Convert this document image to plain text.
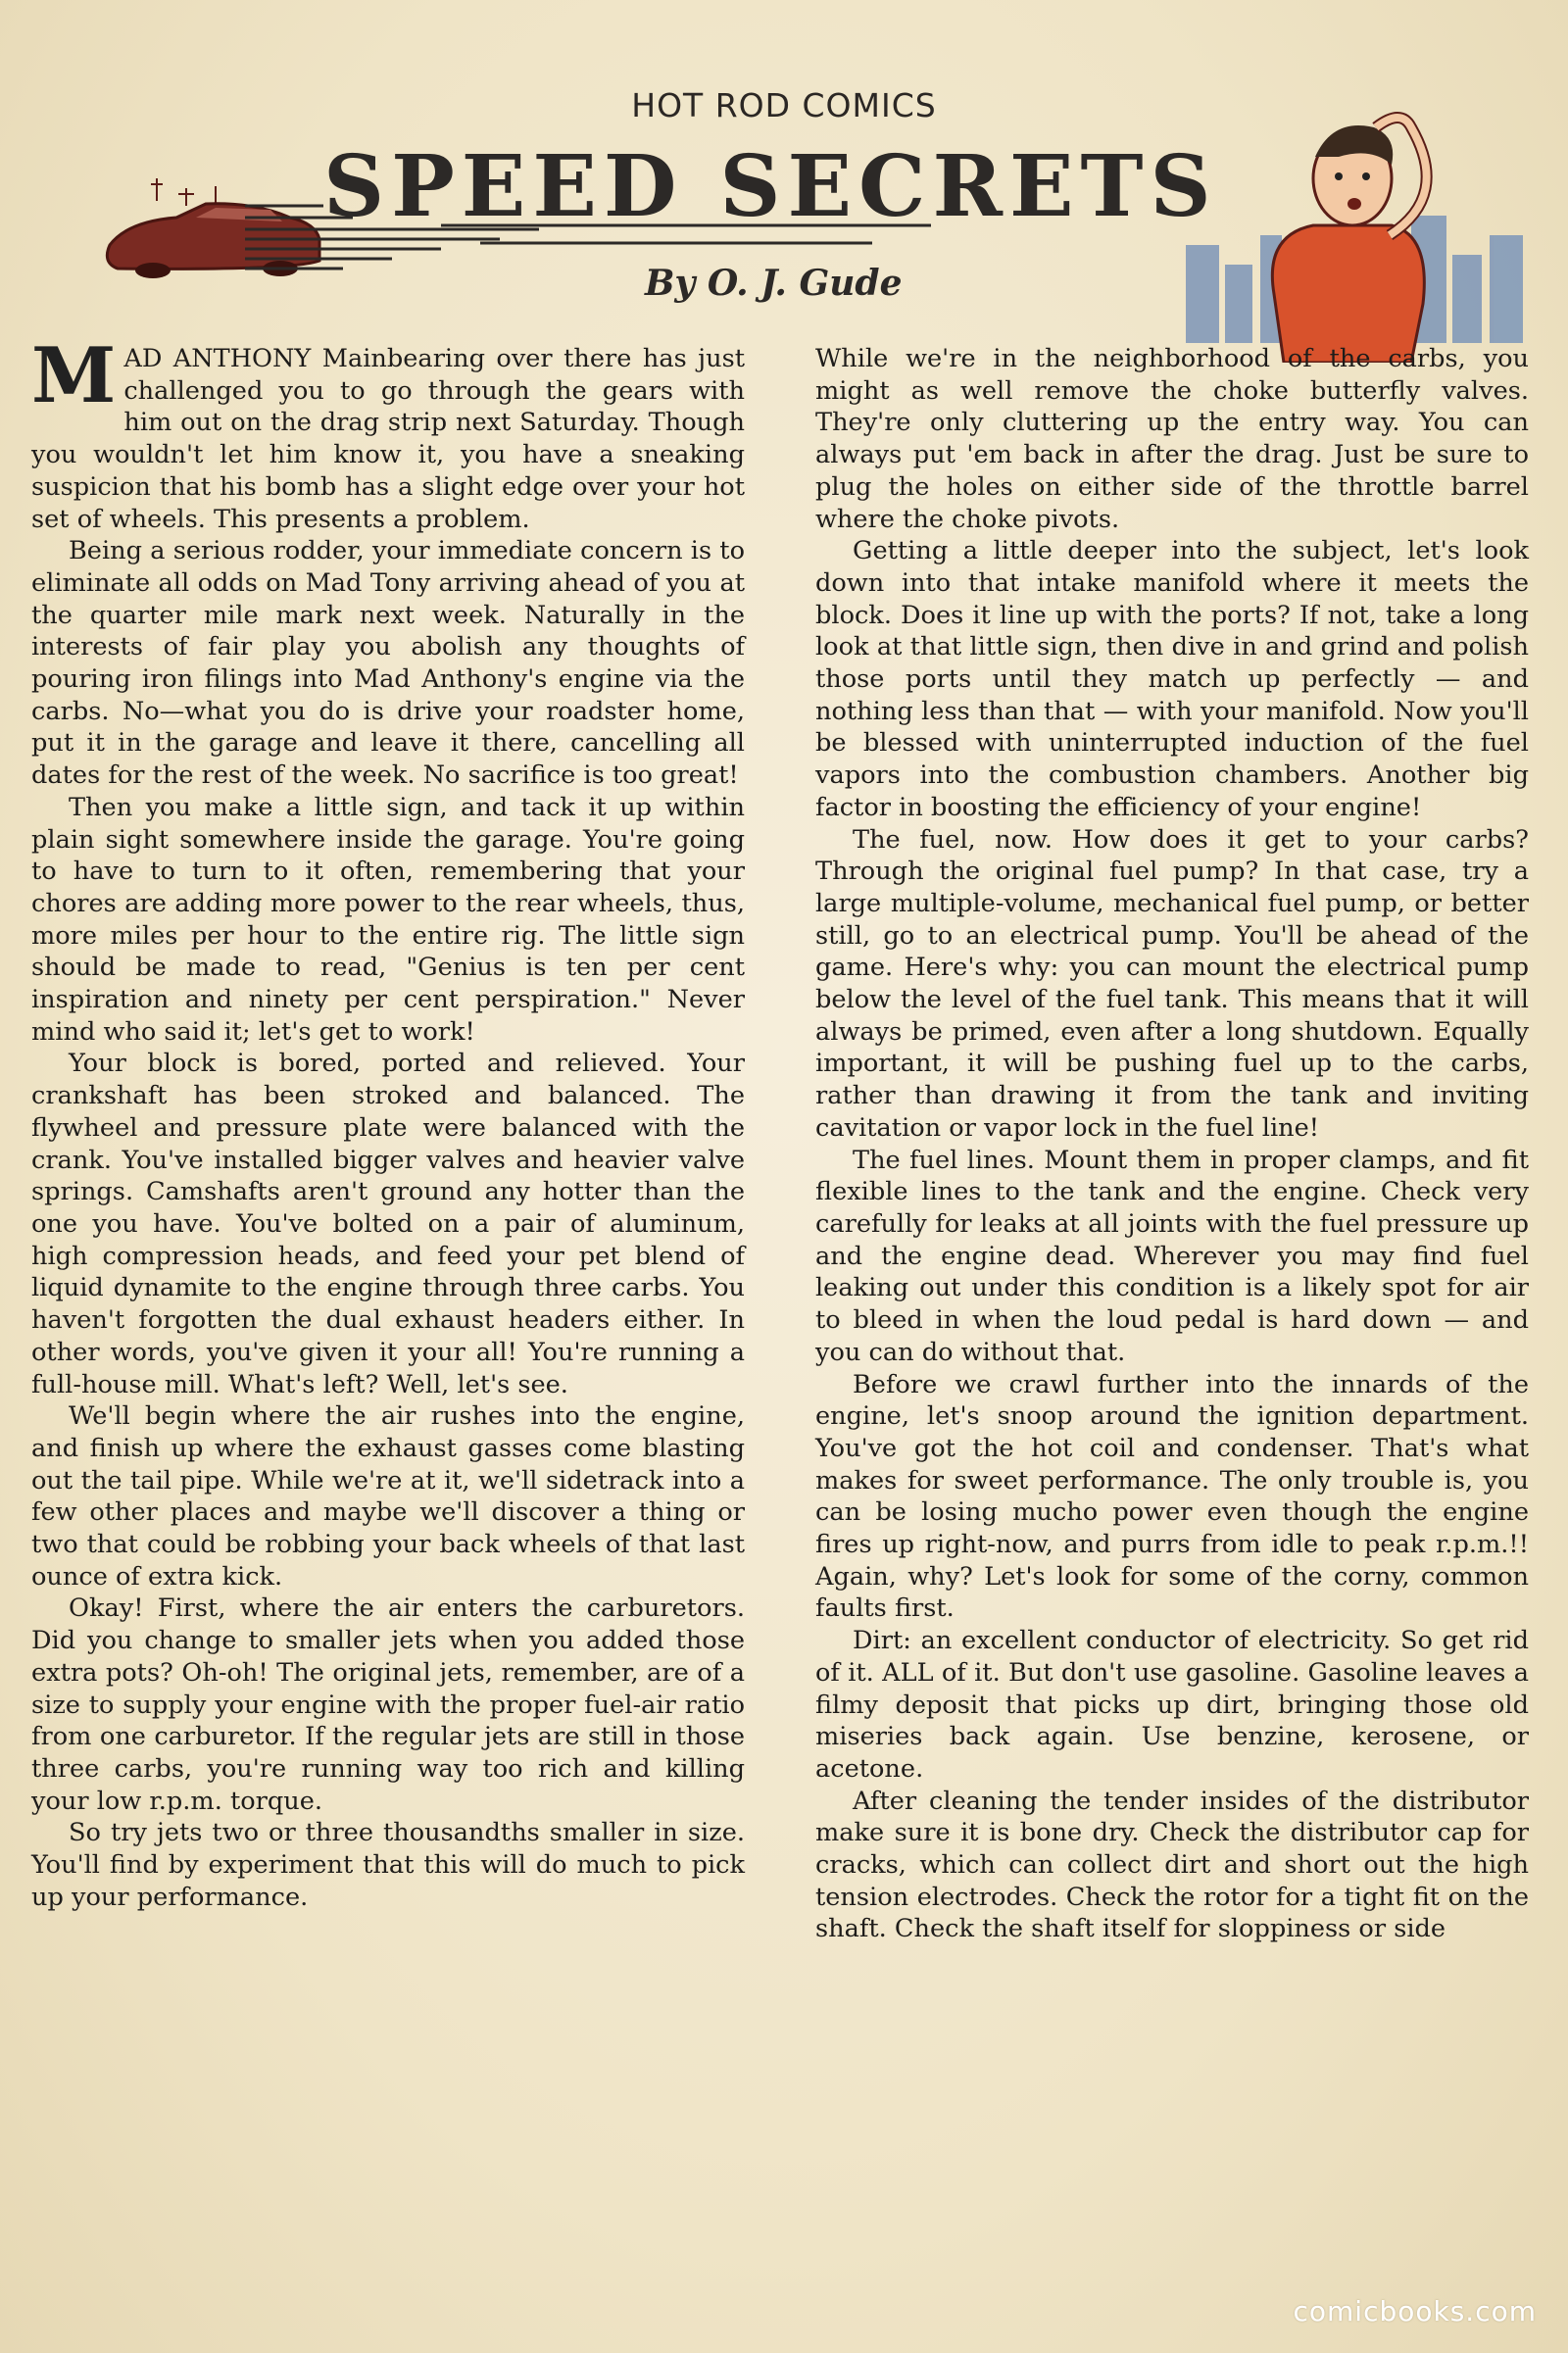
HOT ROD COMICS
SPEED SECRETS
By O. J. Gude

MAD ANTHONY Mainbearing over there has just challenged you to go through the gears with him out on the drag strip next Saturday. Though you wouldn't let him know it, you have a sneaking suspicion that his bomb has a slight edge over your hot set of wheels. This presents a problem.

Being a serious rodder, your immediate concern is to eliminate all odds on Mad Tony arriving ahead of you at the quarter mile mark next week. Naturally in the interests of fair play you abolish any thoughts of pouring iron filings into Mad Anthony's engine via the carbs. No—what you do is drive your roadster home, put it in the garage and leave it there, cancelling all dates for the rest of the week. No sacrifice is too great!

Then you make a little sign, and tack it up within plain sight somewhere inside the garage. You're going to have to turn to it often, remembering that your chores are adding more power to the rear wheels, thus, more miles per hour to the entire rig. The little sign should be made to read, "Genius is ten per cent inspiration and ninety per cent perspiration." Never mind who said it; let's get to work!

Your block is bored, ported and relieved. Your crankshaft has been stroked and balanced. The flywheel and pressure plate were balanced with the crank. You've installed bigger valves and heavier valve springs. Camshafts aren't ground any hotter than the one you have. You've bolted on a pair of aluminum, high compression heads, and feed your pet blend of liquid dynamite to the engine through three carbs. You haven't forgotten the dual exhaust headers either. In other words, you've given it your all! You're running a full-house mill. What's left? Well, let's see.

We'll begin where the air rushes into the engine, and finish up where the exhaust gasses come blasting out the tail pipe. While we're at it, we'll sidetrack into a few other places and maybe we'll discover a thing or two that could be robbing your back wheels of that last ounce of extra kick.

Okay! First, where the air enters the carburetors. Did you change to smaller jets when you added those extra pots? Oh-oh! The original jets, remember, are of a size to supply your engine with the proper fuel-air ratio from one carburetor. If the regular jets are still in those three carbs, you're running way too rich and killing your low r.p.m. torque.

So try jets two or three thousandths smaller in size. You'll find by experiment that this will do much to pick up your performance.

While we're in the neighborhood of the carbs, you might as well remove the choke butterfly valves. They're only cluttering up the entry way. You can always put 'em back in after the drag. Just be sure to plug the holes on either side of the throttle barrel where the choke pivots.

Getting a little deeper into the subject, let's look down into that intake manifold where it meets the block. Does it line up with the ports? If not, take a long look at that little sign, then dive in and grind and polish those ports until they match up perfectly — and nothing less than that — with your manifold. Now you'll be blessed with uninterrupted induction of the fuel vapors into the combustion chambers. Another big factor in boosting the efficiency of your engine!

The fuel, now. How does it get to your carbs? Through the original fuel pump? In that case, try a large multiple-volume, mechanical fuel pump, or better still, go to an electrical pump. You'll be ahead of the game. Here's why: you can mount the electrical pump below the level of the fuel tank. This means that it will always be primed, even after a long shutdown. Equally important, it will be pushing fuel up to the carbs, rather than drawing it from the tank and inviting cavitation or vapor lock in the fuel line!

The fuel lines. Mount them in proper clamps, and fit flexible lines to the tank and the engine. Check very carefully for leaks at all joints with the fuel pressure up and the engine dead. Wherever you may find fuel leaking out under this condition is a likely spot for air to bleed in when the loud pedal is hard down — and you can do without that.

Before we crawl further into the innards of the engine, let's snoop around the ignition department. You've got the hot coil and condenser. That's what makes for sweet performance. The only trouble is, you can be losing mucho power even though the engine fires up right-now, and purrs from idle to peak r.p.m.!! Again, why? Let's look for some of the corny, common faults first.

Dirt: an excellent conductor of electricity. So get rid of it. ALL of it. But don't use gasoline. Gasoline leaves a filmy deposit that picks up dirt, bringing those old miseries back again. Use benzine, kerosene, or acetone.

After cleaning the tender insides of the distributor make sure it is bone dry. Check the distributor cap for cracks, which can collect dirt and short out the high tension electrodes. Check the rotor for a tight fit on the shaft. Check the shaft itself for sloppiness or side

comicbooks.com
